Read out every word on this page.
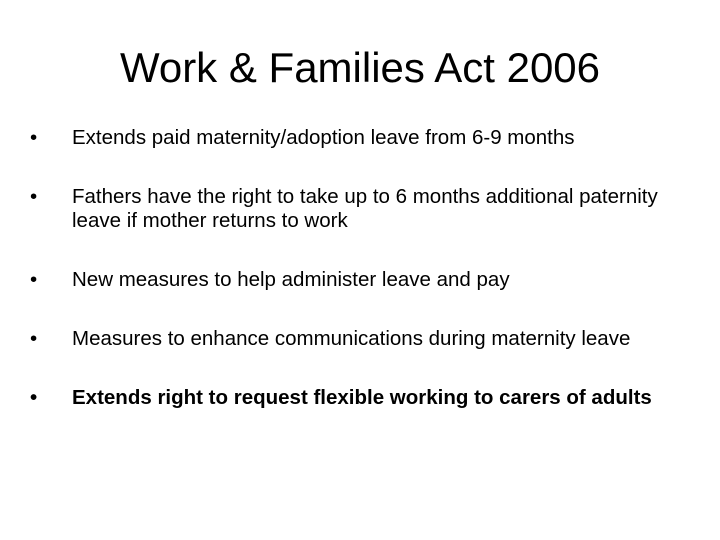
Work & Families Act 2006
•	Extends paid maternity/adoption leave from 6-9 months
•	Fathers have the right to take up to 6 months additional paternity leave if mother returns to work
•	New measures to help administer leave and pay
•	Measures to enhance communications during maternity leave
•	Extends right to request flexible working to carers of adults
